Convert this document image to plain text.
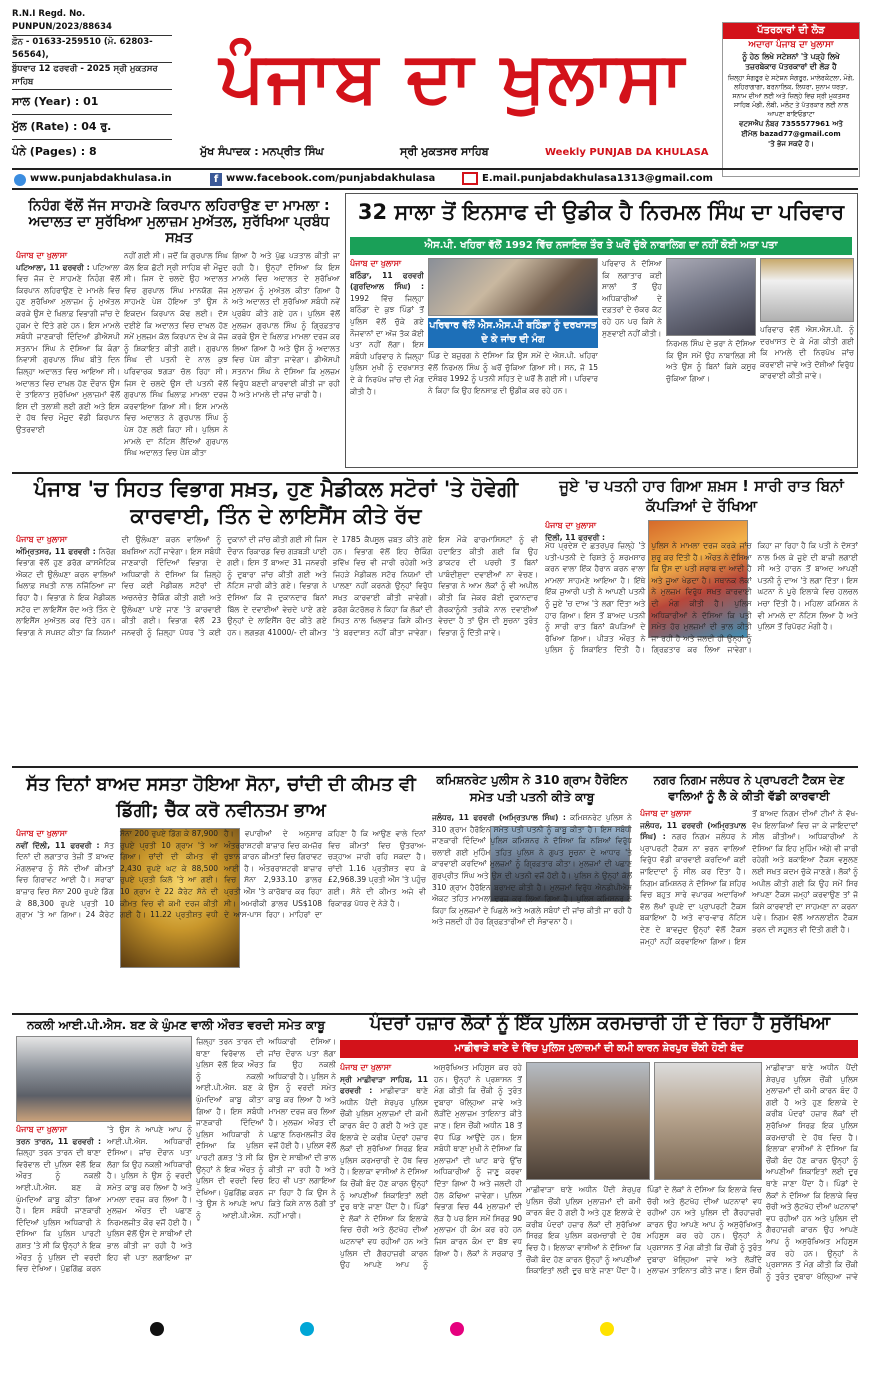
R.N.I Regd. No. PUNPUN/2023/88634
ਫ਼ੋਨ - 01633-259510 (ਮੋ. 62803-56564),
ਬੁੱਧਵਾਰ 12 ਫਰਵਰੀ - 2025 ਸ੍ਰੀ ਮੁਕਤਸਰ ਸਾਹਿਬ
ਸਾਲ (Year) : 01
ਮੁੱਲ (Rate) : 04 ਰੁ.
ਪੰਨੇ (Pages) : 8
ਪੰਜਾਬ ਦਾ ਖੁਲਾਸਾ
ਮੁੱਖ ਸੰਪਾਦਕ : ਮਨਪ੍ਰੀਤ ਸਿੰਘ	ਸ੍ਰੀ ਮੁਕਤਸਰ ਸਾਹਿਬ	Weekly PUNJAB DA KHULASA
ਪੱਤਰਕਾਰਾਂ ਦੀ ਲੋੜ
ਅਦਾਰਾ ਪੰਜਾਬ ਦਾ ਖੁਲਾਸਾ
ਨੂੰ ਹੇਠ ਲਿਖੇ ਸਟੇਸ਼ਨਾਂ 'ਤੇ ਪੜ੍ਹੇ ਲਿਖੇ ਤਜ਼ਰਬੇਕਾਰ ਪੱਤਰਕਾਰਾਂ ਦੀ ਲੋੜ ਹੈ
ਜ਼ਿਲ੍ਹਾ ਸੰਗਰੂਰ ਦੇ ਸਟੇਸ਼ਨ ਸੰਗਰੂਰ, ਮਾਲੇਰਕੋਟਲਾ, ਮੋਗੇ, ਲਹਿਰਾਗਾਗਾ, ਬਰਨਾਲਿਕ, ਲਿਧਰਾ, ਸੁਨਾਮ ਧਰਤਾ, ਸਨਾਮ ਦੀਆਂ ਲਈ ਅਤੇ ਜ਼ਿਲ੍ਹੇ ਵਿਚ ਸ੍ਰੀ ਮੁਕਤਸਰ ਸਾਹਿਬ ਮੰਡੀ, ਲੰਬੀ, ਮਲੋਟ ਤੇ ਪੱਤਰਕਾਰ ਲਈ ਨਾਲ ਆਪਣਾ ਬਾਇਓਡਾਟਾ
ਵਟਸਐਪ ਨੰਬਰ 7355577961 ਅਤੇ
ਈਮੇਲ bazad77@gmail.com
'ਤੇ ਭੇਜ ਸਕਦੇ ਹੋ।
www.punjabdakhulasa.in	f www.facebook.com/punjabdakhulasa	E.mail.punjabdakhulasa1313@gmail.com
ਨਿਹੰਗ ਵੱਲੋਂ ਜੱਜ ਸਾਹਮਣੇ ਕਿਰਪਾਨ ਲਹਿਰਾਉਣ ਦਾ ਮਾਮਲਾ : ਅਦਾਲਤ ਦਾ ਸੁਰੱਖਿਆ ਮੁਲਾਜ਼ਮ ਮੁਅੱਤਲ, ਸੁਰੱਖਿਆ ਪ੍ਰਬੰਧ ਸਖ਼ਤ
ਪੰਜਾਬ ਦਾ ਖੁਲਾਸਾ
ਪਟਿਆਲਾ, 11 ਫਰਵਰੀ : ਪਟਿਆਲਾ ਵਿਚ ਜੱਜ ਦੇ ਸਾਹਮਣੇ ਨਿਹੰਗ ਵੱਲੋਂ ਕਿਰਪਾਨ ਲਹਿਰਾਉਣ ਦੇ ਮਾਮਲੇ ਵਿਚ ਹੁਣ ਸੁਰੱਖਿਆ ਮੁਲਾਜ਼ਮ ਨੂੰ ਮੁਅੱਤਲ ਕਰਕੇ ਉਸ ਦੇ ਖ਼ਿਲਾਫ਼ ਵਿਭਾਗੀ ਜਾਂਚ ਦੇ ਹੁਕਮ ਦੇ ਦਿੱਤੇ ਗਏ ਹਨ। ਇਸ ਮਾਮਲੇ ਸਬੰਧੀ ਜਾਣਕਾਰੀ ਦਿੰਦਿਆਂ ਡੀਐਸਪੀ ਸਤਨਾਮ ਸਿੰਘ ਨੇ ਦੱਸਿਆ ਕਿ ਕੰਗਾ ਨਿਵਾਸੀ ਗੁਰਪਾਲ ਸਿੰਘ ਬੀਤੇ ਦਿਨ ਜ਼ਿਲ੍ਹਾ ਅਦਾਲਤ ਵਿਚ ਆਇਆ ਸੀ। ਅਦਾਲਤ ਵਿਚ ਦਾਖ਼ਲ ਹੋਣ ਦੌਰਾਨ ਉਸ ਦੇ ਤਾਇਨਾਤ ਸੁਰੱਖਿਆ ਮੁਲਾਜ਼ਮਾਂ ਵੱਲੋਂ ਇਸ ਦੀ ਤਲਾਸ਼ੀ ਲਈ ਗਈ ਅਤੇ ਇਸ ਦੇ ਹੱਥ ਵਿਚ ਮੌਜੂਦ ਵੱਡੀ ਕਿਰਪਾਨ ਉਤਰਵਾਈ
ਨਹੀਂ ਗਈ ਸੀ। ਜਦੋਂ ਕਿ ਗੁਰਪਾਲ ਸਿੰਘ ਕੋਲ ਇਕ ਛੋਟੀ ਸ੍ਰੀ ਸਾਹਿਬ ਵੀ ਮੌਜੂਦ ਸੀ। ਜਿਸ ਦੇ ਚਲਦੇ ਉਹ ਅਦਾਲਤ ਵਿਚ ਗੁਰਪਾਲ ਸਿੰਘ ਮਾਨਯੋਗ ਜੱਜ ਸਾਹਮਣੇ ਪੇਸ਼ ਹੋਇਆ ਤਾਂ ਉਸ ਨੇ ਇਕਦਮ ਕਿਰਪਾਨ ਕੱਢ ਲਈ। ਦੱਸ ਦਈਏ ਕਿ ਅਦਾਲਤ ਵਿਚ ਦਾਖ਼ਲ ਹੋਣ ਸਮੇਂ ਮੁਲਜ਼ਮ ਕੋਲ ਕਿਰਪਾਨ ਦੇਖ ਕੇ ਜੱਜ ਨੂੰ ਸ਼ਿਕਾਇਤ ਕੀਤੀ ਗਈ। ਗੁਰਪਾਲ ਸਿੰਘ ਦੀ ਪਤਨੀ ਦੇ ਨਾਲ ਕੁਝ ਪਰਿਵਾਰਕ ਝਗੜਾ ਚੱਲ ਰਿਹਾ ਸੀ। ਜਿਸ ਦੇ ਚਲਦੇ ਉਸ ਦੀ ਪਤਨੀ ਵੱਲੋਂ ਗੁਰਪਾਲ ਸਿੰਘ ਖ਼ਿਲਾਫ਼ ਮਾਮਲਾ ਦਰਜ ਕਰਵਾਇਆ ਗਿਆ ਸੀ। ਇਸ ਮਾਮਲੇ ਵਿਚ ਅਦਾਲਤ ਨੇ ਗੁਰਪਾਲ ਸਿੰਘ ਨੂੰ ਪੇਸ਼ ਹੋਣ ਲਈ ਕਿਹਾ ਸੀ। ਪੁਲਿਸ ਨੇ ਮਾਮਲੇ ਦਾ ਨੋਟਿਸ ਲੈਂਦਿਆਂ ਗੁਰਪਾਲ ਸਿੰਘ ਅਦਾਲਤ ਵਿਚ ਪੇਸ਼ ਕੀਤਾ
ਗਿਆ ਹੈ ਅਤੇ ਪੁੱਛ ਪੜਤਾਲ ਕੀਤੀ ਜਾ ਰਹੀ ਹੈ। ਉਨ੍ਹਾਂ ਦੱਸਿਆ ਕਿ ਇਸ ਮਾਮਲੇ ਵਿਚ ਅਦਾਲਤ ਦੇ ਸੁਰੱਖਿਆ ਮੁਲਾਜ਼ਮ ਨੂੰ ਮੁਅੱਤਲ ਕੀਤਾ ਗਿਆ ਹੈ ਅਤੇ ਅਦਾਲਤ ਦੀ ਸੁਰੱਖਿਆ ਸਬੰਧੀ ਨਵੇਂ ਪ੍ਰਬੰਧ ਕੀਤੇ ਗਏ ਹਨ। ਪੁਲਿਸ ਵੱਲੋਂ ਮੁਲਜ਼ਮ ਗੁਰਪਾਲ ਸਿੰਘ ਨੂੰ ਗ੍ਰਿਫ਼ਤਾਰ ਕਰਕੇ ਉਸ ਦੇ ਖ਼ਿਲਾਫ਼ ਮਾਮਲਾ ਦਰਜ ਕਰ ਲਿਆ ਗਿਆ ਹੈ ਅਤੇ ਉਸ ਨੂੰ ਅਦਾਲਤ ਵਿਚ ਪੇਸ਼ ਕੀਤਾ ਜਾਵੇਗਾ। ਡੀਐਸਪੀ ਸਤਨਾਮ ਸਿੰਘ ਨੇ ਦੱਸਿਆ ਕਿ ਮੁਲਜ਼ਮ ਵਿਰੁੱਧ ਬਣਦੀ ਕਾਰਵਾਈ ਕੀਤੀ ਜਾ ਰਹੀ ਹੈ ਅਤੇ ਮਾਮਲੇ ਦੀ ਜਾਂਚ ਜਾਰੀ ਹੈ।
32 ਸਾਲਾ ਤੋਂ ਇਨਸਾਫ ਦੀ ਉਡੀਕ ਹੈ ਨਿਰਮਲ ਸਿੰਘ ਦਾ ਪਰਿਵਾਰ
ਐਸ.ਪੀ. ਖਹਿਰਾ ਵੱਲੋਂ 1992 ਵਿੱਚ ਨਜਾਇਜ਼ ਤੌਰ ਤੇ ਘਰੋਂ ਚੁੱਕੇ ਨਾਬਾਲਿਗ ਦਾ ਨਹੀਂ ਕੋਈ ਅਤਾ ਪਤਾ
ਪੰਜਾਬ ਦਾ ਖੁਲਾਸਾ
ਬਠਿੰਡਾ, 11 ਫਰਵਰੀ (ਗੁਰਦਿਆਲ ਸਿੰਘ) : 1992 ਵਿੱਚ ਜਿਲ੍ਹਾ ਬਠਿੰਡਾ ਦੇ ਕੁਝ ਪਿੰਡਾਂ ਤੋਂ ਪੁਲਿਸ ਵੱਲੋਂ ਚੁੱਕੇ ਗਏ ਨੌਜਵਾਨਾਂ ਦਾ ਅੱਜ ਤੱਕ ਕੋਈ ਪਤਾ ਨਹੀਂ ਲੱਗਾ। ਇਸ ਸਬੰਧੀ ਪਰਿਵਾਰ ਨੇ ਜਿਲ੍ਹਾ ਪੁਲਿਸ ਮੁਖੀ ਨੂੰ ਦਰਖਾਸਤ ਦੇ ਕੇ ਨਿਰਪੱਖ ਜਾਂਚ ਦੀ ਮੰਗ ਕੀਤੀ ਹੈ।
ਪਰਿਵਾਰ ਵੱਲੋਂ ਐਸ.ਐਸ.ਪੀ ਬਠਿੰਡਾ ਨੂੰ ਦਰਖਾਸਤ ਦੇ ਕੇ ਜਾਂਚ ਦੀ ਮੰਗ
ਪਿੰਡ ਦੇ ਬਜ਼ੁਰਗ ਨੇ ਦੱਸਿਆ ਕਿ ਉਸ ਸਮੇਂ ਦੇ ਐਸ.ਪੀ. ਖਹਿਰਾ ਵੱਲੋਂ ਨਿਰਮਲ ਸਿੰਘ ਨੂੰ ਘਰੋਂ ਚੁੱਕਿਆ ਗਿਆ ਸੀ। ਸਨ, ਜੋ 15 ਦਸੰਬਰ 1992 ਨੂੰ ਪਤਨੀ ਸਹਿਤ ਦੇ ਘਰੋਂ ਲੈ ਗਈ ਸੀ। ਪਰਿਵਾਰ ਨੇ ਕਿਹਾ ਕਿ ਉਹ ਇਨਸਾਫ਼ ਦੀ ਉਡੀਕ ਕਰ ਰਹੇ ਹਨ।
ਪਰਿਵਾਰ ਨੇ ਦੱਸਿਆ ਕਿ ਲਗਾਤਾਰ ਕਈ ਸਾਲਾਂ ਤੋਂ ਉਹ ਅਧਿਕਾਰੀਆਂ ਦੇ ਦਫ਼ਤਰਾਂ ਦੇ ਚੱਕਰ ਕੱਟ ਰਹੇ ਹਨ ਪਰ ਕਿਸੇ ਨੇ ਸੁਣਵਾਈ ਨਹੀਂ ਕੀਤੀ।
ਨਿਰਮਲ ਸਿੰਘ ਦੇ ਭਰਾ ਨੇ ਦੱਸਿਆ ਕਿ ਉਸ ਸਮੇਂ ਉਹ ਨਾਬਾਲਿਗ ਸੀ ਅਤੇ ਉਸ ਨੂੰ ਬਿਨਾਂ ਕਿਸੇ ਕਸੂਰ ਚੁੱਕਿਆ ਗਿਆ।
ਪਰਿਵਾਰ ਵੱਲੋਂ ਐਸ.ਐਸ.ਪੀ. ਨੂੰ ਦਰਖਾਸਤ ਦੇ ਕੇ ਮੰਗ ਕੀਤੀ ਗਈ ਕਿ ਮਾਮਲੇ ਦੀ ਨਿਰਪੱਖ ਜਾਂਚ ਕਰਵਾਈ ਜਾਵੇ ਅਤੇ ਦੋਸ਼ੀਆਂ ਵਿਰੁੱਧ ਕਾਰਵਾਈ ਕੀਤੀ ਜਾਵੇ।
ਪੰਜਾਬ 'ਚ ਸਿਹਤ ਵਿਭਾਗ ਸਖ਼ਤ, ਹੁਣ ਮੈਡੀਕਲ ਸਟੋਰਾਂ 'ਤੇ ਹੋਵੇਗੀ ਕਾਰਵਾਈ, ਤਿੰਨ ਦੇ ਲਾਇਸੈਂਸ ਕੀਤੇ ਰੱਦ
ਪੰਜਾਬ ਦਾ ਖੁਲਾਸਾ
ਅੰਮ੍ਰਿਤਸਰ, 11 ਫਰਵਰੀ : ਨਿਰੋਗ ਵਿਭਾਗ ਵੱਲੋਂ ਹੁਣ ਡਰੱਗ ਕਾਸਮੈਟਿਕ ਐਕਟ ਦੀ ਉਲੰਘਣਾ ਕਰਨ ਵਾਲਿਆਂ ਖ਼ਿਲਾਫ਼ ਸਖ਼ਤੀ ਨਾਲ ਨਜਿੱਠਿਆ ਜਾ ਰਿਹਾ ਹੈ। ਵਿਭਾਗ ਨੇ ਇਕ ਮੈਡੀਕਲ ਸਟੋਰ ਦਾ ਲਾਇਸੈਂਸ ਰੱਦ ਅਤੇ ਤਿੰਨ ਦੇ ਲਾਇਸੈਂਸ ਮੁਅੱਤਲ ਕਰ ਦਿੱਤੇ ਹਨ। ਵਿਭਾਗ ਨੇ ਸਪਸ਼ਟ ਕੀਤਾ ਕਿ ਨਿਯਮਾਂ ਦੀ ਉਲੰਘਣਾ ਕਰਨ ਵਾਲਿਆਂ ਨੂੰ ਬਖ਼ਸ਼ਿਆ ਨਹੀਂ ਜਾਵੇਗਾ। ਇਸ ਸਬੰਧੀ ਜਾਣਕਾਰੀ ਦਿੰਦਿਆਂ ਵਿਭਾਗ ਦੇ ਅਧਿਕਾਰੀ ਨੇ ਦੱਸਿਆ ਕਿ ਜ਼ਿਲ੍ਹੇ ਵਿਚ ਕਈ ਮੈਡੀਕਲ ਸਟੋਰਾਂ ਦੀ ਅਚਨਚੇਤ ਚੈਕਿੰਗ ਕੀਤੀ ਗਈ ਅਤੇ ਉਲੰਘਣਾ ਪਾਏ ਜਾਣ 'ਤੇ ਕਾਰਵਾਈ ਕੀਤੀ ਗਈ। ਵਿਭਾਗ ਵੱਲੋਂ 23 ਜਨਵਰੀ ਨੂੰ ਜ਼ਿਲ੍ਹਾ ਪੱਧਰ 'ਤੇ ਕਈ ਦੁਕਾਨਾਂ ਦੀ ਜਾਂਚ ਕੀਤੀ ਗਈ ਸੀ ਜਿਸ ਦੌਰਾਨ ਰਿਕਾਰਡ ਵਿਚ ਗੜਬੜੀ ਪਾਈ ਗਈ। ਇਸ ਤੋਂ ਬਾਅਦ 31 ਜਨਵਰੀ ਨੂੰ ਦੁਬਾਰਾ ਜਾਂਚ ਕੀਤੀ ਗਈ ਅਤੇ ਨੋਟਿਸ ਜਾਰੀ ਕੀਤੇ ਗਏ। ਵਿਭਾਗ ਨੇ ਦੱਸਿਆ ਕਿ ਜੋ ਦੁਕਾਨਦਾਰ ਬਿਨਾਂ ਬਿੱਲ ਦੇ ਦਵਾਈਆਂ ਵੇਚਦੇ ਪਾਏ ਗਏ ਉਨ੍ਹਾਂ ਦੇ ਲਾਇਸੈਂਸ ਰੱਦ ਕੀਤੇ ਗਏ ਹਨ। ਲਗਭਗ 41000/- ਦੀ ਕੀਮਤ ਦੇ 1785 ਕੈਪਸੂਲ ਜ਼ਬਤ ਕੀਤੇ ਗਏ ਹਨ। ਵਿਭਾਗ ਵੱਲੋਂ ਇਹ ਚੈਕਿੰਗ ਭਵਿੱਖ ਵਿਚ ਵੀ ਜਾਰੀ ਰਹੇਗੀ ਅਤੇ ਜਿਹੜੇ ਮੈਡੀਕਲ ਸਟੋਰ ਨਿਯਮਾਂ ਦੀ ਪਾਲਣਾ ਨਹੀਂ ਕਰਨਗੇ ਉਨ੍ਹਾਂ ਵਿਰੁੱਧ ਸਖ਼ਤ ਕਾਰਵਾਈ ਕੀਤੀ ਜਾਵੇਗੀ। ਡਰੱਗ ਕੰਟਰੋਲਰ ਨੇ ਕਿਹਾ ਕਿ ਲੋਕਾਂ ਦੀ ਸਿਹਤ ਨਾਲ ਖਿਲਵਾੜ ਕਿਸੇ ਕੀਮਤ 'ਤੇ ਬਰਦਾਸ਼ਤ ਨਹੀਂ ਕੀਤਾ ਜਾਵੇਗਾ। ਇਸ ਮੌਕੇ ਫਾਰਮਾਸਿਸਟਾਂ ਨੂੰ ਵੀ ਹਦਾਇਤ ਕੀਤੀ ਗਈ ਕਿ ਉਹ ਡਾਕਟਰ ਦੀ ਪਰਚੀ ਤੋਂ ਬਿਨਾਂ ਪਾਬੰਦੀਸ਼ੁਦਾ ਦਵਾਈਆਂ ਨਾ ਵੇਚਣ। ਵਿਭਾਗ ਨੇ ਆਮ ਲੋਕਾਂ ਨੂੰ ਵੀ ਅਪੀਲ ਕੀਤੀ ਕਿ ਜੇਕਰ ਕੋਈ ਦੁਕਾਨਦਾਰ ਗੈਰਕਾਨੂੰਨੀ ਤਰੀਕੇ ਨਾਲ ਦਵਾਈਆਂ ਵੇਚਦਾ ਹੈ ਤਾਂ ਉਸ ਦੀ ਸੂਚਨਾ ਤੁਰੰਤ ਵਿਭਾਗ ਨੂੰ ਦਿੱਤੀ ਜਾਵੇ।
ਜੂਏ 'ਚ ਪਤਨੀ ਹਾਰ ਗਿਆ ਸ਼ਖ਼ਸ ! ਸਾਰੀ ਰਾਤ ਬਿਨਾਂ ਕੱਪੜਿਆਂ ਦੇ ਰੱਖਿਆ
ਪੰਜਾਬ ਦਾ ਖੁਲਾਸਾ
ਦਿੱਲੀ, 11 ਫਰਵਰੀ :
ਮੱਧ ਪ੍ਰਦੇਸ਼ ਦੇ ਛਤਰਪੁਰ ਜ਼ਿਲ੍ਹੇ 'ਤੇ ਪਤੀ-ਪਤਨੀ ਦੇ ਰਿਸ਼ਤੇ ਨੂੰ ਸ਼ਰਮਸਾਰ ਕਰਨ ਵਾਲਾ ਇੱਕ ਹੈਰਾਨ ਕਰਨ ਵਾਲਾ ਮਾਮਲਾ ਸਾਹਮਣੇ ਆਇਆ ਹੈ। ਇੱਥੇ ਇੱਕ ਜੁਆਰੀ ਪਤੀ ਨੇ ਆਪਣੀ ਪਤਨੀ ਨੂੰ ਜੂਏ 'ਚ ਦਾਅ 'ਤੇ ਲਗਾ ਦਿੱਤਾ ਅਤੇ ਹਾਰ ਗਿਆ। ਇਸ ਤੋਂ ਬਾਅਦ ਪਤਨੀ ਨੂੰ ਸਾਰੀ ਰਾਤ ਬਿਨਾਂ ਕੱਪੜਿਆਂ ਦੇ ਰੱਖਿਆ ਗਿਆ। ਪੀੜਤ ਔਰਤ ਨੇ ਪੁਲਿਸ ਨੂੰ ਸ਼ਿਕਾਇਤ ਦਿੱਤੀ ਹੈ। ਪੁਲਿਸ ਨੇ ਮਾਮਲਾ ਦਰਜ ਕਰਕੇ ਜਾਂਚ ਸ਼ੁਰੂ ਕਰ ਦਿੱਤੀ ਹੈ। ਔਰਤ ਨੇ ਦੱਸਿਆ ਕਿ ਉਸ ਦਾ ਪਤੀ ਸ਼ਰਾਬ ਦਾ ਆਦੀ ਹੈ ਅਤੇ ਜੂਆ ਖੇਡਦਾ ਹੈ। ਸਥਾਨਕ ਲੋਕਾਂ ਨੇ ਮੁਲਜ਼ਮ ਵਿਰੁੱਧ ਸਖ਼ਤ ਕਾਰਵਾਈ ਦੀ ਮੰਗ ਕੀਤੀ ਹੈ। ਪੁਲਿਸ ਅਧਿਕਾਰੀਆਂ ਨੇ ਦੱਸਿਆ ਕਿ ਪਤੀ ਸਮੇਤ ਹੋਰ ਮੁਲਜ਼ਮਾਂ ਦੀ ਭਾਲ ਕੀਤੀ ਜਾ ਰਹੀ ਹੈ ਅਤੇ ਜਲਦੀ ਹੀ ਉਨ੍ਹਾਂ ਨੂੰ ਗ੍ਰਿਫ਼ਤਾਰ ਕਰ ਲਿਆ ਜਾਵੇਗਾ। ਕਿਹਾ ਜਾ ਰਿਹਾ ਹੈ ਕਿ ਪਤੀ ਨੇ ਦੋਸਤਾਂ ਨਾਲ ਮਿਲ ਕੇ ਜੂਏ ਦੀ ਬਾਜ਼ੀ ਲਗਾਈ ਸੀ ਅਤੇ ਹਾਰਨ ਤੋਂ ਬਾਅਦ ਆਪਣੀ ਪਤਨੀ ਨੂੰ ਦਾਅ 'ਤੇ ਲਗਾ ਦਿੱਤਾ। ਇਸ ਘਟਨਾ ਨੇ ਪੂਰੇ ਇਲਾਕੇ ਵਿਚ ਹਲਚਲ ਮਚਾ ਦਿੱਤੀ ਹੈ। ਮਹਿਲਾ ਕਮਿਸ਼ਨ ਨੇ ਵੀ ਮਾਮਲੇ ਦਾ ਨੋਟਿਸ ਲਿਆ ਹੈ ਅਤੇ ਪੁਲਿਸ ਤੋਂ ਰਿਪੋਰਟ ਮੰਗੀ ਹੈ।
ਸੱਤ ਦਿਨਾਂ ਬਾਅਦ ਸਸਤਾ ਹੋਇਆ ਸੋਨਾ, ਚਾਂਦੀ ਦੀ ਕੀਮਤ ਵੀ ਡਿੱਗੀ; ਚੈੱਕ ਕਰੋ ਨਵੀਨਤਮ ਭਾਅ
ਪੰਜਾਬ ਦਾ ਖੁਲਾਸਾ
ਨਵੀਂ ਦਿੱਲੀ, 11 ਫਰਵਰੀ : ਸੱਤ ਦਿਨਾਂ ਦੀ ਲਗਾਤਾਰ ਤੇਜ਼ੀ ਤੋਂ ਬਾਅਦ ਮੰਗਲਵਾਰ ਨੂੰ ਸੋਨੇ ਦੀਆਂ ਕੀਮਤਾਂ ਵਿਚ ਗਿਰਾਵਟ ਆਈ ਹੈ। ਸਰਾਫਾ ਬਾਜ਼ਾਰ ਵਿਚ ਸੋਨਾ 200 ਰੁਪਏ ਡਿੱਗ ਕੇ 88,300 ਰੁਪਏ ਪ੍ਰਤੀ 10 ਗ੍ਰਾਮ 'ਤੇ ਆ ਗਿਆ। 24 ਕੈਰੇਟ ਸੋਨਾ 200 ਰੁਪਏ ਡਿੱਗ ਕੇ 87,900 ਰੁਪਏ ਪ੍ਰਤੀ 10 ਗ੍ਰਾਮ 'ਤੇ ਆ ਗਿਆ। ਚਾਂਦੀ ਦੀ ਕੀਮਤ ਵੀ 2,430 ਰੁਪਏ ਘਟ ਕੇ 88,500 ਰੁਪਏ ਪ੍ਰਤੀ ਕਿਲੋ 'ਤੇ ਆ ਗਈ। 10 ਗ੍ਰਾਮ ਦੇ 22 ਕੈਰੇਟ ਸੋਨੇ ਦੀ ਕੀਮਤ ਵਿਚ ਵੀ ਕਮੀ ਦਰਜ ਕੀਤੀ ਗਈ ਹੈ। 11.22 ਪ੍ਰਤੀਸ਼ਤ ਵਧੀ ਹੈ। ਵਪਾਰੀਆਂ ਦੇ ਅਨੁਸਾਰ ਅੰਤਰਰਾਸ਼ਟਰੀ ਬਾਜ਼ਾਰ ਵਿਚ ਕਮਜ਼ੋਰ ਰੁਝਾਨ ਕਾਰਨ ਕੀਮਤਾਂ ਵਿਚ ਗਿਰਾਵਟ ਆਈ ਹੈ। ਅੰਤਰਰਾਸ਼ਟਰੀ ਬਾਜ਼ਾਰ ਵਿਚ ਸੋਨਾ 2,933.10 ਡਾਲਰ ਪ੍ਰਤੀ ਔਂਸ 'ਤੇ ਕਾਰੋਬਾਰ ਕਰ ਰਿਹਾ ਸੀ। ਅਮਰੀਕੀ ਡਾਲਰ US$108 ਦੇ ਆਸ-ਪਾਸ ਰਿਹਾ। ਮਾਹਿਰਾਂ ਦਾ ਕਹਿਣਾ ਹੈ ਕਿ ਆਉਣ ਵਾਲੇ ਦਿਨਾਂ ਵਿਚ ਕੀਮਤਾਂ ਵਿਚ ਉਤਰਾਅ-ਚੜ੍ਹਾਅ ਜਾਰੀ ਰਹਿ ਸਕਦਾ ਹੈ। ਚਾਂਦੀ 1.16 ਪ੍ਰਤੀਸ਼ਤ ਵਧ ਕੇ £2,968.39 ਪ੍ਰਤੀ ਔਂਸ 'ਤੇ ਪਹੁੰਚ ਗਈ। ਸੋਨੇ ਦੀ ਕੀਮਤ ਅਜੇ ਵੀ ਰਿਕਾਰਡ ਪੱਧਰ ਦੇ ਨੇੜੇ ਹੈ।
ਕਮਿਸ਼ਨਰੇਟ ਪੁਲੀਸ ਨੇ 310 ਗ੍ਰਾਮ ਹੈਰੋਇਨ ਸਮੇਤ ਪਤੀ ਪਤਨੀ ਕੀਤੇ ਕਾਬੂ
ਜਲੰਧਰ, 11 ਫਰਵਰੀ (ਅਮ੍ਰਿਤਪਾਲ ਸਿੰਘ) : ਕਮਿਸ਼ਨਰੇਟ ਪੁਲਿਸ ਨੇ 310 ਗ੍ਰਾਮ ਹੈਰੋਇਨ ਸਮੇਤ ਪਤੀ ਪਤਨੀ ਨੂੰ ਕਾਬੂ ਕੀਤਾ ਹੈ। ਇਸ ਸਬੰਧੀ ਜਾਣਕਾਰੀ ਦਿੰਦਿਆਂ ਪੁਲਿਸ ਕਮਿਸ਼ਨਰ ਨੇ ਦੱਸਿਆ ਕਿ ਨਸ਼ਿਆਂ ਵਿਰੁੱਧ ਚਲਾਈ ਗਈ ਮੁਹਿੰਮ ਤਹਿਤ ਪੁਲਿਸ ਨੇ ਗੁਪਤ ਸੂਚਨਾ ਦੇ ਆਧਾਰ 'ਤੇ ਕਾਰਵਾਈ ਕਰਦਿਆਂ ਮੁਲਜ਼ਮਾਂ ਨੂੰ ਗ੍ਰਿਫ਼ਤਾਰ ਕੀਤਾ। ਮੁਲਜ਼ਮਾਂ ਦੀ ਪਛਾਣ ਗੁਰਪ੍ਰੀਤ ਸਿੰਘ ਅਤੇ ਉਸ ਦੀ ਪਤਨੀ ਵਜੋਂ ਹੋਈ ਹੈ। ਪੁਲਿਸ ਨੇ ਉਨ੍ਹਾਂ ਕੋਲੋਂ 310 ਗ੍ਰਾਮ ਹੈਰੋਇਨ ਬਰਾਮਦ ਕੀਤੀ ਹੈ। ਮੁਲਜ਼ਮਾਂ ਵਿਰੁੱਧ ਐਨਡੀਪੀਐਸ ਐਕਟ ਤਹਿਤ ਮਾਮਲਾ ਦਰਜ ਕਰ ਲਿਆ ਗਿਆ ਹੈ। ਪੁਲਿਸ ਕਮਿਸ਼ਨਰ ਨੇ ਕਿਹਾ ਕਿ ਮੁਲਜ਼ਮਾਂ ਦੇ ਪਿਛਲੇ ਅਤੇ ਅਗਲੇ ਸਬੰਧਾਂ ਦੀ ਜਾਂਚ ਕੀਤੀ ਜਾ ਰਹੀ ਹੈ ਅਤੇ ਜਲਦੀ ਹੀ ਹੋਰ ਗ੍ਰਿਫ਼ਤਾਰੀਆਂ ਦੀ ਸੰਭਾਵਨਾ ਹੈ।
ਨਗਰ ਨਿਗਮ ਜਲੰਧਰ ਨੇ ਪ੍ਰਾਪਰਟੀ ਟੈਕਸ ਦੇਣ ਵਾਲਿਆਂ ਨੂੰ ਲੈ ਕੇ ਕੀਤੀ ਵੱਡੀ ਕਾਰਵਾਈ
ਪੰਜਾਬ ਦਾ ਖੁਲਾਸਾ
ਜਲੰਧਰ, 11 ਫਰਵਰੀ (ਅਮ੍ਰਿਤਪਾਲ ਸਿੰਘ) : ਨਗਰ ਨਿਗਮ ਜਲੰਧਰ ਨੇ ਪ੍ਰਾਪਰਟੀ ਟੈਕਸ ਨਾ ਭਰਨ ਵਾਲਿਆਂ ਵਿਰੁੱਧ ਵੱਡੀ ਕਾਰਵਾਈ ਕਰਦਿਆਂ ਕਈ ਜਾਇਦਾਦਾਂ ਨੂੰ ਸੀਲ ਕਰ ਦਿੱਤਾ ਹੈ। ਨਿਗਮ ਕਮਿਸ਼ਨਰ ਨੇ ਦੱਸਿਆ ਕਿ ਸ਼ਹਿਰ ਵਿਚ ਬਹੁਤ ਸਾਰੇ ਵਪਾਰਕ ਅਦਾਰਿਆਂ ਵੱਲ ਲੱਖਾਂ ਰੁਪਏ ਦਾ ਪ੍ਰਾਪਰਟੀ ਟੈਕਸ ਬਕਾਇਆ ਹੈ ਅਤੇ ਵਾਰ-ਵਾਰ ਨੋਟਿਸ ਦੇਣ ਦੇ ਬਾਵਜੂਦ ਉਨ੍ਹਾਂ ਵੱਲੋਂ ਟੈਕਸ ਜਮ੍ਹਾਂ ਨਹੀਂ ਕਰਵਾਇਆ ਗਿਆ। ਇਸ ਤੋਂ ਬਾਅਦ ਨਿਗਮ ਦੀਆਂ ਟੀਮਾਂ ਨੇ ਵੱਖ-ਵੱਖ ਇਲਾਕਿਆਂ ਵਿਚ ਜਾ ਕੇ ਜਾਇਦਾਦਾਂ ਸੀਲ ਕੀਤੀਆਂ। ਅਧਿਕਾਰੀਆਂ ਨੇ ਦੱਸਿਆ ਕਿ ਇਹ ਮੁਹਿੰਮ ਅੱਗੇ ਵੀ ਜਾਰੀ ਰਹੇਗੀ ਅਤੇ ਬਕਾਇਆ ਟੈਕਸ ਵਸੂਲਣ ਲਈ ਸਖ਼ਤ ਕਦਮ ਚੁੱਕੇ ਜਾਣਗੇ। ਲੋਕਾਂ ਨੂੰ ਅਪੀਲ ਕੀਤੀ ਗਈ ਕਿ ਉਹ ਸਮੇਂ ਸਿਰ ਆਪਣਾ ਟੈਕਸ ਜਮ੍ਹਾਂ ਕਰਵਾਉਣ ਤਾਂ ਜੋ ਕਿਸੇ ਕਾਰਵਾਈ ਦਾ ਸਾਹਮਣਾ ਨਾ ਕਰਨਾ ਪਵੇ। ਨਿਗਮ ਵੱਲੋਂ ਆਨਲਾਈਨ ਟੈਕਸ ਭਰਨ ਦੀ ਸਹੂਲਤ ਵੀ ਦਿੱਤੀ ਗਈ ਹੈ।
ਨਕਲੀ ਆਈ.ਪੀ.ਐਸ. ਬਣ ਕੇ ਘੁੰਮਣ ਵਾਲੀ ਔਰਤ ਵਰਦੀ ਸਮੇਤ ਕਾਬੂ
ਪੰਜਾਬ ਦਾ ਖੁਲਾਸਾ
ਤਰਨ ਤਾਰਨ, 11 ਫਰਵਰੀ : ਜ਼ਿਲ੍ਹਾ ਤਰਨ ਤਾਰਨ ਦੀ ਥਾਣਾ ਵਿਰੋਵਾਲ ਦੀ ਪੁਲਿਸ ਵੱਲੋਂ ਇਕ ਔਰਤ ਨੂੰ ਨਕਲੀ ਆਈ.ਪੀ.ਐਸ. ਬਣ ਕੇ ਘੁੰਮਦਿਆਂ ਕਾਬੂ ਕੀਤਾ ਗਿਆ ਹੈ। ਇਸ ਸਬੰਧੀ ਜਾਣਕਾਰੀ ਦਿੰਦਿਆਂ ਪੁਲਿਸ ਅਧਿਕਾਰੀ ਨੇ ਦੱਸਿਆ ਕਿ ਪੁਲਿਸ ਪਾਰਟੀ ਗਸ਼ਤ 'ਤੇ ਸੀ ਕਿ ਉਨ੍ਹਾਂ ਨੇ ਇਕ ਔਰਤ ਨੂੰ ਪੁਲਿਸ ਦੀ ਵਰਦੀ ਵਿਚ ਦੇਖਿਆ। ਪੁੱਛਗਿੱਛ ਕਰਨ 'ਤੇ ਉਸ ਨੇ ਆਪਣੇ ਆਪ ਨੂੰ ਆਈ.ਪੀ.ਐਸ. ਅਧਿਕਾਰੀ ਦੱਸਿਆ। ਜਾਂਚ ਦੌਰਾਨ ਪਤਾ ਲੱਗਾ ਕਿ ਉਹ ਨਕਲੀ ਅਧਿਕਾਰੀ ਹੈ। ਪੁਲਿਸ ਨੇ ਉਸ ਨੂੰ ਵਰਦੀ ਸਮੇਤ ਕਾਬੂ ਕਰ ਲਿਆ ਹੈ ਅਤੇ ਮਾਮਲਾ ਦਰਜ ਕਰ ਲਿਆ ਹੈ। ਮੁਲਜ਼ਮ ਔਰਤ ਦੀ ਪਛਾਣ ਨਿਰਮਲਜੀਤ ਕੌਰ ਵਜੋਂ ਹੋਈ ਹੈ। ਪੁਲਿਸ ਵੱਲੋਂ ਉਸ ਦੇ ਸਾਥੀਆਂ ਦੀ ਭਾਲ ਕੀਤੀ ਜਾ ਰਹੀ ਹੈ ਅਤੇ ਇਹ ਵੀ ਪਤਾ ਲਗਾਇਆ ਜਾ
ਜ਼ਿਲ੍ਹਾ ਤਰਨ ਤਾਰਨ ਦੀ ਥਾਣਾ ਵਿਰੋਵਾਲ ਦੀ ਪੁਲਿਸ ਵੱਲੋਂ ਇਕ ਔਰਤ ਨੂੰ ਨਕਲੀ ਆਈ.ਪੀ.ਐਸ. ਬਣ ਕੇ ਘੁੰਮਦਿਆਂ ਕਾਬੂ ਕੀਤਾ ਗਿਆ ਹੈ। ਇਸ ਸਬੰਧੀ ਜਾਣਕਾਰੀ ਦਿੰਦਿਆਂ ਪੁਲਿਸ ਅਧਿਕਾਰੀ ਨੇ ਦੱਸਿਆ ਕਿ ਪੁਲਿਸ ਪਾਰਟੀ ਗਸ਼ਤ 'ਤੇ ਸੀ ਕਿ ਉਨ੍ਹਾਂ ਨੇ ਇਕ ਔਰਤ ਨੂੰ ਪੁਲਿਸ ਦੀ ਵਰਦੀ ਵਿਚ ਦੇਖਿਆ। ਪੁੱਛਗਿੱਛ ਕਰਨ 'ਤੇ ਉਸ ਨੇ ਆਪਣੇ ਆਪ ਨੂੰ ਆਈ.ਪੀ.ਐਸ. ਅਧਿਕਾਰੀ ਦੱਸਿਆ। ਜਾਂਚ ਦੌਰਾਨ ਪਤਾ ਲੱਗਾ ਕਿ ਉਹ ਨਕਲੀ ਅਧਿਕਾਰੀ ਹੈ। ਪੁਲਿਸ ਨੇ ਉਸ ਨੂੰ ਵਰਦੀ ਸਮੇਤ ਕਾਬੂ ਕਰ ਲਿਆ ਹੈ ਅਤੇ ਮਾਮਲਾ ਦਰਜ ਕਰ ਲਿਆ ਹੈ। ਮੁਲਜ਼ਮ ਔਰਤ ਦੀ ਪਛਾਣ ਨਿਰਮਲਜੀਤ ਕੌਰ ਵਜੋਂ ਹੋਈ ਹੈ। ਪੁਲਿਸ ਵੱਲੋਂ ਉਸ ਦੇ ਸਾਥੀਆਂ ਦੀ ਭਾਲ ਕੀਤੀ ਜਾ ਰਹੀ ਹੈ ਅਤੇ ਇਹ ਵੀ ਪਤਾ ਲਗਾਇਆ ਜਾ ਰਿਹਾ ਹੈ ਕਿ ਉਸ ਨੇ ਕਿਤੇ ਕਿਸੇ ਨਾਲ ਠੱਗੀ ਤਾਂ ਨਹੀਂ ਮਾਰੀ।
ਪੰਦਰਾਂ ਹਜ਼ਾਰ ਲੋਕਾਂ ਨੂੰ ਇੱਕ ਪੁਲਿਸ ਕਰਮਚਾਰੀ ਹੀ ਦੇ ਰਿਹਾ ਹੈ ਸੁਰੱਖਿਆ
ਮਾਛੀਵਾੜੇ ਥਾਣੇ ਦੇ ਵਿੱਚ ਪੁਲਿਸ ਮੁਲਾਜ਼ਮਾਂ ਦੀ ਕਮੀ ਕਾਰਨ ਸ਼ੇਰਪੁਰ ਚੌਂਕੀ ਹੋਈ ਬੰਦ
ਪੰਜਾਬ ਦਾ ਖੁਲਾਸਾ
ਸ੍ਰੀ ਮਾਛੀਵਾੜਾ ਸਾਹਿਬ, 11 ਫਰਵਰੀ : ਮਾਛੀਵਾੜਾ ਥਾਣੇ ਅਧੀਨ ਪੈਂਦੀ ਸ਼ੇਰਪੁਰ ਪੁਲਿਸ ਚੌਂਕੀ ਪੁਲਿਸ ਮੁਲਾਜ਼ਮਾਂ ਦੀ ਕਮੀ ਕਾਰਨ ਬੰਦ ਹੋ ਗਈ ਹੈ ਅਤੇ ਹੁਣ ਇਲਾਕੇ ਦੇ ਕਰੀਬ ਪੰਦਰਾਂ ਹਜ਼ਾਰ ਲੋਕਾਂ ਦੀ ਸੁਰੱਖਿਆ ਸਿਰਫ਼ ਇਕ ਪੁਲਿਸ ਕਰਮਚਾਰੀ ਦੇ ਹੱਥ ਵਿਚ ਹੈ। ਇਲਾਕਾ ਵਾਸੀਆਂ ਨੇ ਦੱਸਿਆ ਕਿ ਚੌਂਕੀ ਬੰਦ ਹੋਣ ਕਾਰਨ ਉਨ੍ਹਾਂ ਨੂੰ ਆਪਣੀਆਂ ਸ਼ਿਕਾਇਤਾਂ ਲਈ ਦੂਰ ਥਾਣੇ ਜਾਣਾ ਪੈਂਦਾ ਹੈ। ਪਿੰਡਾਂ ਦੇ ਲੋਕਾਂ ਨੇ ਦੱਸਿਆ ਕਿ ਇਲਾਕੇ ਵਿਚ ਚੋਰੀ ਅਤੇ ਲੁੱਟਖੋਹ ਦੀਆਂ ਘਟਨਾਵਾਂ ਵਧ ਰਹੀਆਂ ਹਨ ਅਤੇ ਪੁਲਿਸ ਦੀ ਗੈਰਹਾਜ਼ਰੀ ਕਾਰਨ ਉਹ ਆਪਣੇ ਆਪ ਨੂੰ ਅਸੁਰੱਖਿਅਤ ਮਹਿਸੂਸ ਕਰ ਰਹੇ ਹਨ। ਉਨ੍ਹਾਂ ਨੇ ਪ੍ਰਸ਼ਾਸਨ ਤੋਂ ਮੰਗ ਕੀਤੀ ਕਿ ਚੌਂਕੀ ਨੂੰ ਤੁਰੰਤ ਦੁਬਾਰਾ ਖੋਲ੍ਹਿਆ ਜਾਵੇ ਅਤੇ ਲੋੜੀਂਦੇ ਮੁਲਾਜ਼ਮ ਤਾਇਨਾਤ ਕੀਤੇ ਜਾਣ। ਇਸ ਚੌਂਕੀ ਅਧੀਨ 18 ਤੋਂ ਵੱਧ ਪਿੰਡ ਆਉਂਦੇ ਹਨ। ਇਸ ਸਬੰਧੀ ਥਾਣਾ ਮੁਖੀ ਨੇ ਦੱਸਿਆ ਕਿ ਮੁਲਾਜ਼ਮਾਂ ਦੀ ਘਾਟ ਬਾਰੇ ਉੱਚ ਅਧਿਕਾਰੀਆਂ ਨੂੰ ਜਾਣੂ ਕਰਵਾ ਦਿੱਤਾ ਗਿਆ ਹੈ ਅਤੇ ਜਲਦੀ ਹੀ ਹੱਲ ਕੱਢਿਆ ਜਾਵੇਗਾ। ਪੁਲਿਸ ਵਿਭਾਗ ਵਿਚ 44 ਮੁਲਾਜ਼ਮਾਂ ਦੀ ਲੋੜ ਹੈ ਪਰ ਇਸ ਸਮੇਂ ਸਿਰਫ਼ 90 ਮੁਲਾਜ਼ਮ ਹੀ ਕੰਮ ਕਰ ਰਹੇ ਹਨ ਜਿਸ ਕਾਰਨ ਕੰਮ ਦਾ ਬੋਝ ਵਧ ਗਿਆ ਹੈ। ਲੋਕਾਂ ਨੇ ਸਰਕਾਰ ਤੋਂ
ਮਾਛੀਵਾੜਾ ਥਾਣੇ ਅਧੀਨ ਪੈਂਦੀ ਸ਼ੇਰਪੁਰ ਪੁਲਿਸ ਚੌਂਕੀ ਪੁਲਿਸ ਮੁਲਾਜ਼ਮਾਂ ਦੀ ਕਮੀ ਕਾਰਨ ਬੰਦ ਹੋ ਗਈ ਹੈ ਅਤੇ ਹੁਣ ਇਲਾਕੇ ਦੇ ਕਰੀਬ ਪੰਦਰਾਂ ਹਜ਼ਾਰ ਲੋਕਾਂ ਦੀ ਸੁਰੱਖਿਆ ਸਿਰਫ਼ ਇਕ ਪੁਲਿਸ ਕਰਮਚਾਰੀ ਦੇ ਹੱਥ ਵਿਚ ਹੈ। ਇਲਾਕਾ ਵਾਸੀਆਂ ਨੇ ਦੱਸਿਆ ਕਿ ਚੌਂਕੀ ਬੰਦ ਹੋਣ ਕਾਰਨ ਉਨ੍ਹਾਂ ਨੂੰ ਆਪਣੀਆਂ ਸ਼ਿਕਾਇਤਾਂ ਲਈ ਦੂਰ ਥਾਣੇ ਜਾਣਾ ਪੈਂਦਾ ਹੈ। ਪਿੰਡਾਂ ਦੇ ਲੋਕਾਂ ਨੇ ਦੱਸਿਆ ਕਿ ਇਲਾਕੇ ਵਿਚ ਚੋਰੀ ਅਤੇ ਲੁੱਟਖੋਹ ਦੀਆਂ ਘਟਨਾਵਾਂ ਵਧ ਰਹੀਆਂ ਹਨ ਅਤੇ ਪੁਲਿਸ ਦੀ ਗੈਰਹਾਜ਼ਰੀ ਕਾਰਨ ਉਹ ਆਪਣੇ ਆਪ ਨੂੰ ਅਸੁਰੱਖਿਅਤ ਮਹਿਸੂਸ ਕਰ ਰਹੇ ਹਨ। ਉਨ੍ਹਾਂ ਨੇ ਪ੍ਰਸ਼ਾਸਨ ਤੋਂ ਮੰਗ ਕੀਤੀ ਕਿ ਚੌਂਕੀ ਨੂੰ ਤੁਰੰਤ ਦੁਬਾਰਾ ਖੋਲ੍ਹਿਆ ਜਾਵੇ ਅਤੇ ਲੋੜੀਂਦੇ ਮੁਲਾਜ਼ਮ ਤਾਇਨਾਤ ਕੀਤੇ ਜਾਣ। ਇਸ ਚੌਂਕੀ
ਮਾਛੀਵਾੜਾ ਥਾਣੇ ਅਧੀਨ ਪੈਂਦੀ ਸ਼ੇਰਪੁਰ ਪੁਲਿਸ ਚੌਂਕੀ ਪੁਲਿਸ ਮੁਲਾਜ਼ਮਾਂ ਦੀ ਕਮੀ ਕਾਰਨ ਬੰਦ ਹੋ ਗਈ ਹੈ ਅਤੇ ਹੁਣ ਇਲਾਕੇ ਦੇ ਕਰੀਬ ਪੰਦਰਾਂ ਹਜ਼ਾਰ ਲੋਕਾਂ ਦੀ ਸੁਰੱਖਿਆ ਸਿਰਫ਼ ਇਕ ਪੁਲਿਸ ਕਰਮਚਾਰੀ ਦੇ ਹੱਥ ਵਿਚ ਹੈ। ਇਲਾਕਾ ਵਾਸੀਆਂ ਨੇ ਦੱਸਿਆ ਕਿ ਚੌਂਕੀ ਬੰਦ ਹੋਣ ਕਾਰਨ ਉਨ੍ਹਾਂ ਨੂੰ ਆਪਣੀਆਂ ਸ਼ਿਕਾਇਤਾਂ ਲਈ ਦੂਰ ਥਾਣੇ ਜਾਣਾ ਪੈਂਦਾ ਹੈ। ਪਿੰਡਾਂ ਦੇ ਲੋਕਾਂ ਨੇ ਦੱਸਿਆ ਕਿ ਇਲਾਕੇ ਵਿਚ ਚੋਰੀ ਅਤੇ ਲੁੱਟਖੋਹ ਦੀਆਂ ਘਟਨਾਵਾਂ ਵਧ ਰਹੀਆਂ ਹਨ ਅਤੇ ਪੁਲਿਸ ਦੀ ਗੈਰਹਾਜ਼ਰੀ ਕਾਰਨ ਉਹ ਆਪਣੇ ਆਪ ਨੂੰ ਅਸੁਰੱਖਿਅਤ ਮਹਿਸੂਸ ਕਰ ਰਹੇ ਹਨ। ਉਨ੍ਹਾਂ ਨੇ ਪ੍ਰਸ਼ਾਸਨ ਤੋਂ ਮੰਗ ਕੀਤੀ ਕਿ ਚੌਂਕੀ ਨੂੰ ਤੁਰੰਤ ਦੁਬਾਰਾ ਖੋਲ੍ਹਿਆ ਜਾਵੇ
